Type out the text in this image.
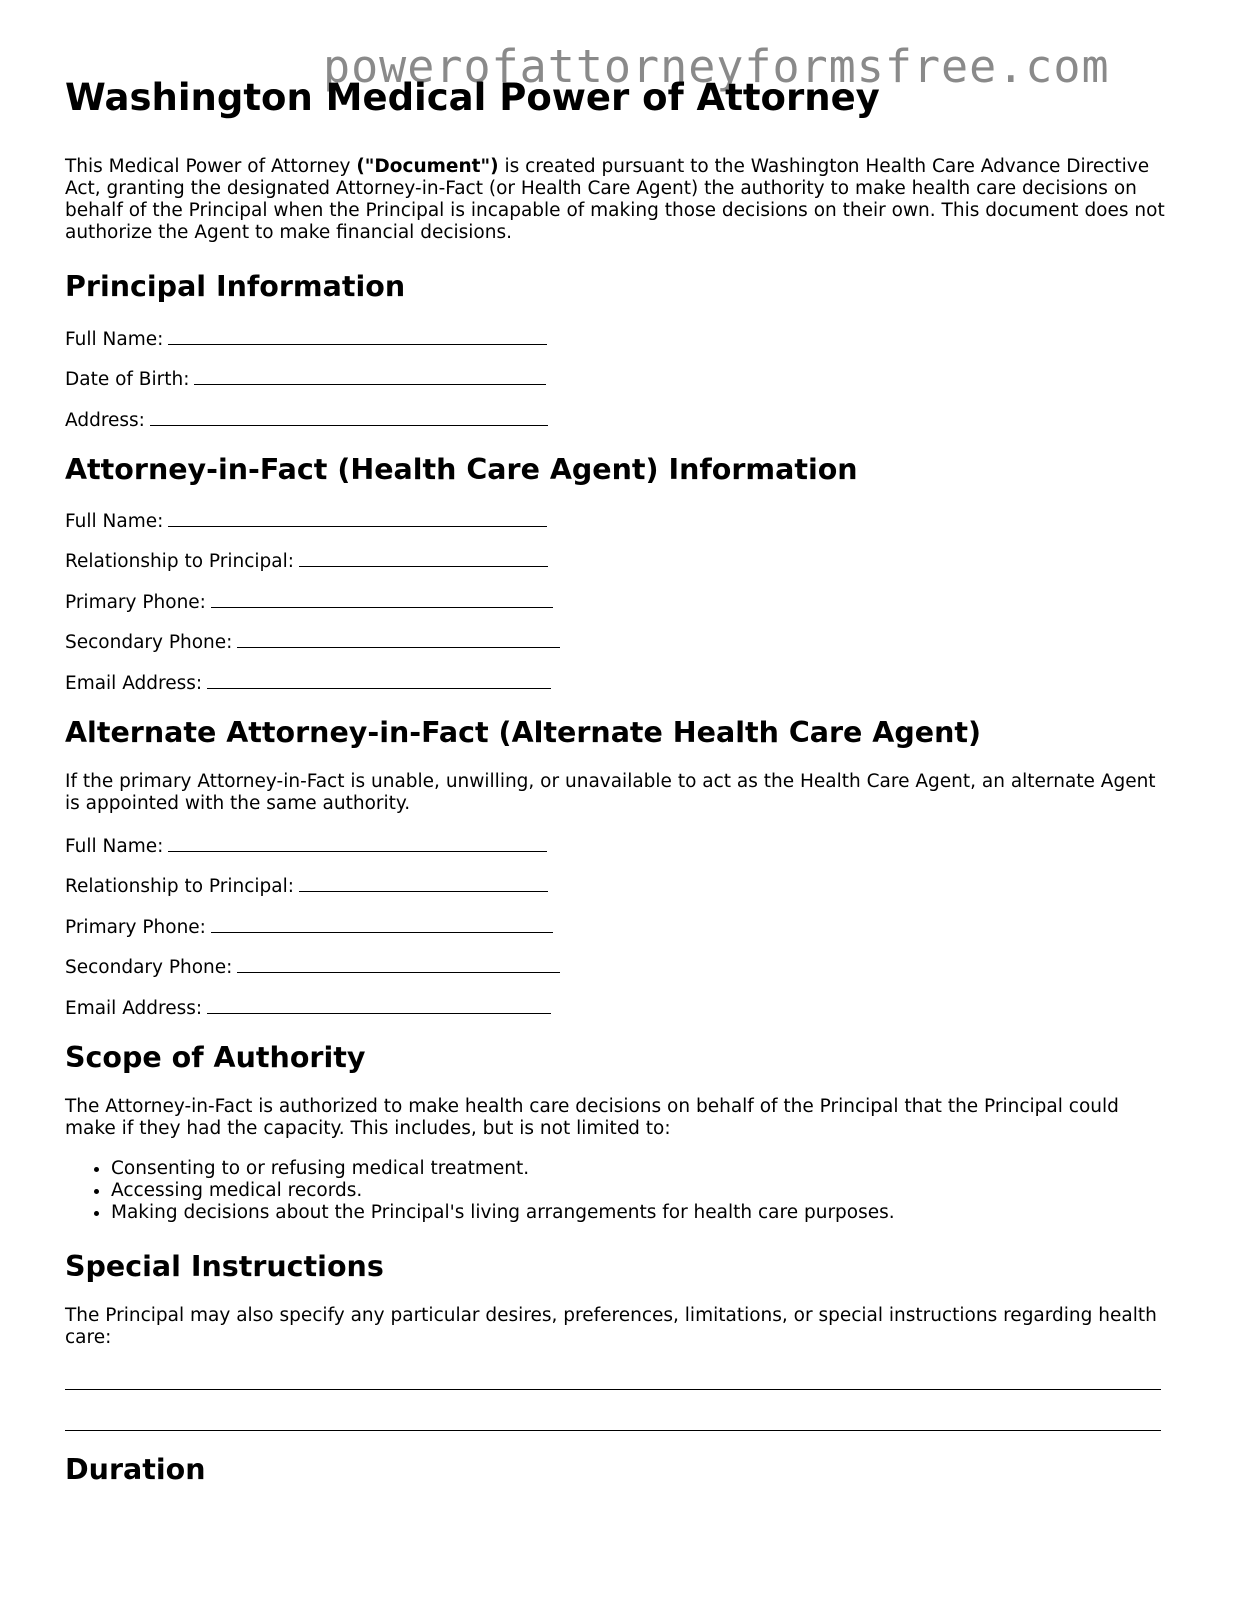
powerofattorneyformsfree.com
Washington Medical Power of Attorney

This Medical Power of Attorney ("Document") is created pursuant to the Washington Health Care Advance Directive Act, granting the designated Attorney-in-Fact (or Health Care Agent) the authority to make health care decisions on behalf of the Principal when the Principal is incapable of making those decisions on their own. This document does not authorize the Agent to make financial decisions.

Principal Information
Full Name:
Date of Birth:
Address:
Attorney-in-Fact (Health Care Agent) Information
Full Name:
Relationship to Principal:
Primary Phone:
Secondary Phone:
Email Address:
Alternate Attorney-in-Fact (Alternate Health Care Agent)

If the primary Attorney-in-Fact is unable, unwilling, or unavailable to act as the Health Care Agent, an alternate Agent is appointed with the same authority.

Full Name:
Relationship to Principal:
Primary Phone:
Secondary Phone:
Email Address:
Scope of Authority

The Attorney-in-Fact is authorized to make health care decisions on behalf of the Principal that the Principal could make if they had the capacity. This includes, but is not limited to:

• Consenting to or refusing medical treatment.
• Accessing medical records.
• Making decisions about the Principal's living arrangements for health care purposes.
Special Instructions

The Principal may also specify any particular desires, preferences, limitations, or special instructions regarding health care:

Duration
